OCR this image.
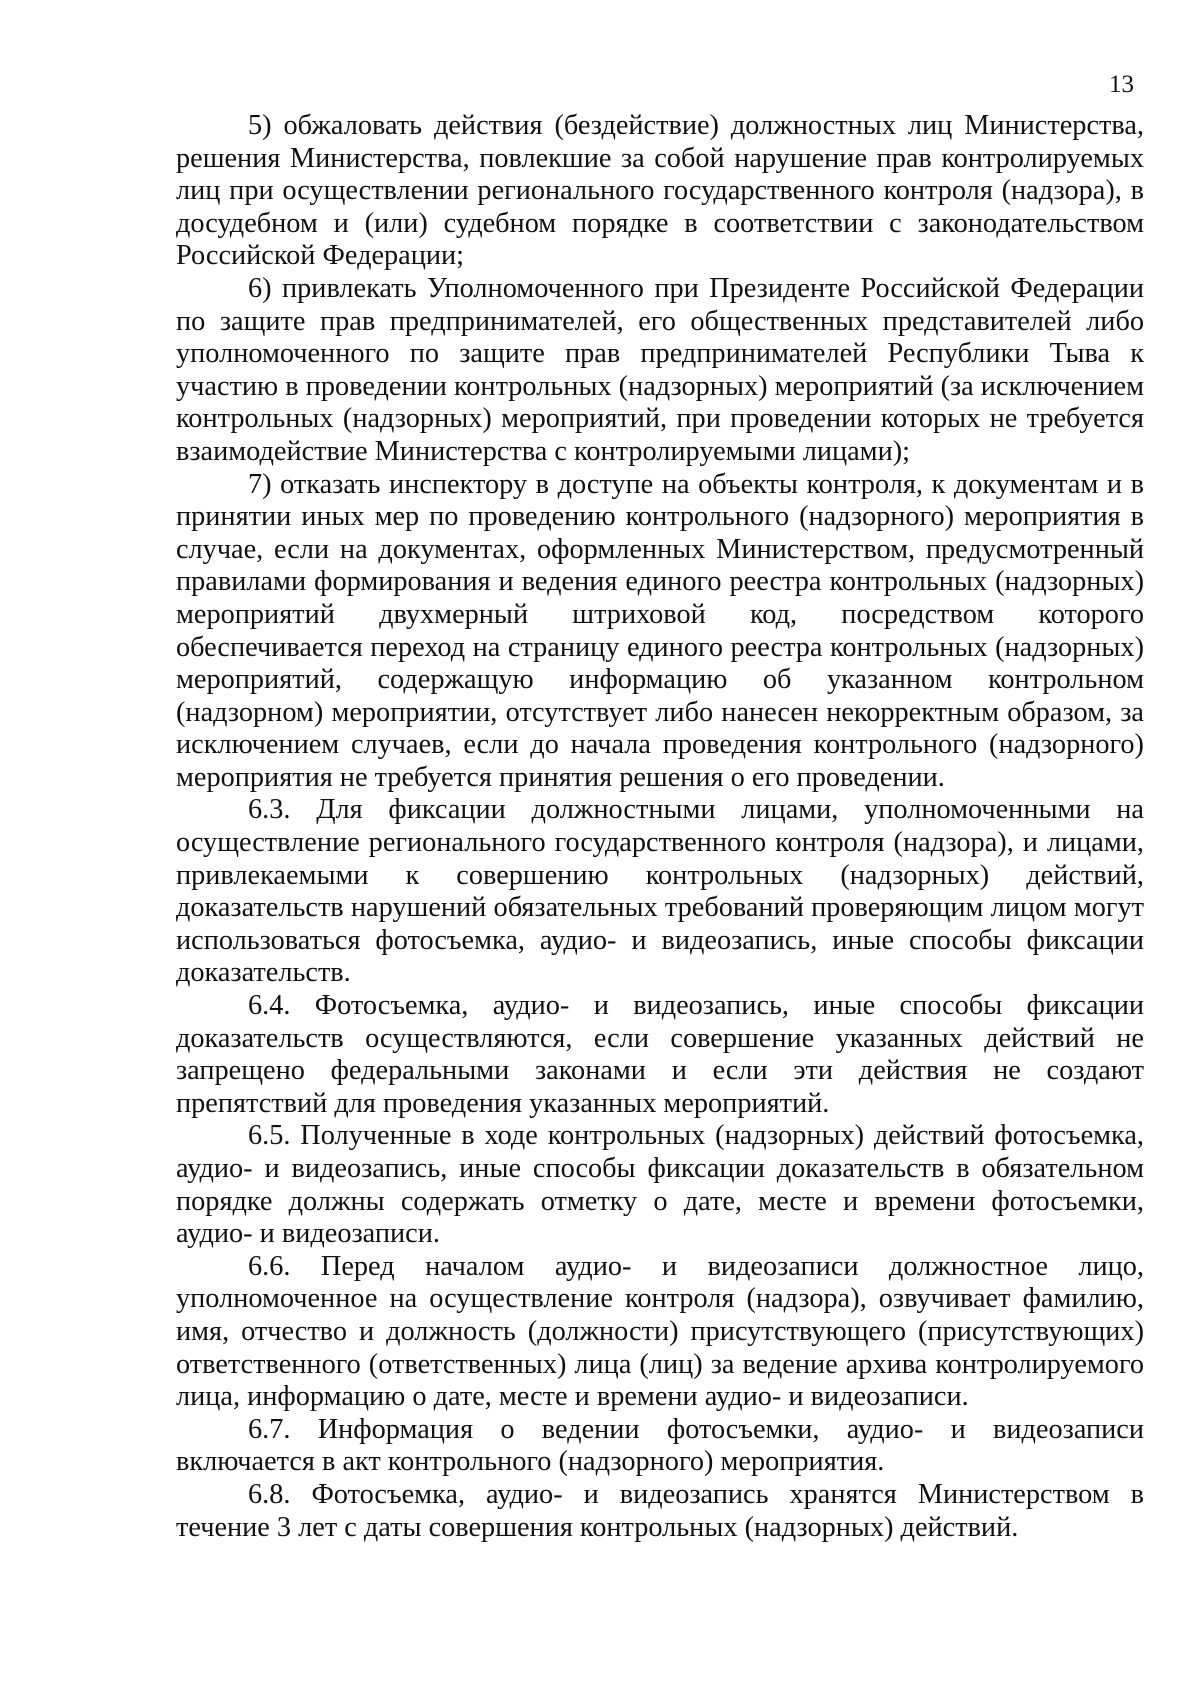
13

5) обжаловать действия (бездействие) должностных лиц Министерства, решения Министерства, повлекшие за собой нарушение прав контролируемых лиц при осуществлении регионального государственного контроля (надзора), в досудебном и (или) судебном порядке в соответствии с законодательством Российской Федерации;

6) привлекать Уполномоченного при Президенте Российской Федерации по защите прав предпринимателей, его общественных представителей либо уполномоченного по защите прав предпринимателей Республики Тыва к участию в проведении контрольных (надзорных) мероприятий (за исключением контрольных (надзорных) мероприятий, при проведении которых не требуется взаимодействие Министерства с контролируемыми лицами);

7) отказать инспектору в доступе на объекты контроля, к документам и в принятии иных мер по проведению контрольного (надзорного) мероприятия в случае, если на документах, оформленных Министерством, предусмотренный правилами формирования и ведения единого реестра контрольных (надзорных) мероприятий двухмерный штриховой код, посредством которого обеспечивается переход на страницу единого реестра контрольных (надзорных) мероприятий, содержащую информацию об указанном контрольном (надзорном) мероприятии, отсутствует либо нанесен некорректным образом, за исключением случаев, если до начала проведения контрольного (надзорного) мероприятия не требуется принятия решения о его проведении.

6.3. Для фиксации должностными лицами, уполномоченными на осуществление регионального государственного контроля (надзора), и лицами, привлекаемыми к совершению контрольных (надзорных) действий, доказательств нарушений обязательных требований проверяющим лицом могут использоваться фотосъемка, аудио- и видеозапись, иные способы фиксации доказательств.

6.4. Фотосъемка, аудио- и видеозапись, иные способы фиксации доказательств осуществляются, если совершение указанных действий не запрещено федеральными законами и если эти действия не создают препятствий для проведения указанных мероприятий.

6.5. Полученные в ходе контрольных (надзорных) действий фотосъемка, аудио- и видеозапись, иные способы фиксации доказательств в обязательном порядке должны содержать отметку о дате, месте и времени фотосъемки, аудио- и видеозаписи.

6.6. Перед началом аудио- и видеозаписи должностное лицо, уполномоченное на осуществление контроля (надзора), озвучивает фамилию, имя, отчество и должность (должности) присутствующего (присутствующих) ответственного (ответственных) лица (лиц) за ведение архива контролируемого лица, информацию о дате, месте и времени аудио- и видеозаписи.

6.7. Информация о ведении фотосъемки, аудио- и видеозаписи включается в акт контрольного (надзорного) мероприятия.

6.8. Фотосъемка, аудио- и видеозапись хранятся Министерством в течение 3 лет с даты совершения контрольных (надзорных) действий.
